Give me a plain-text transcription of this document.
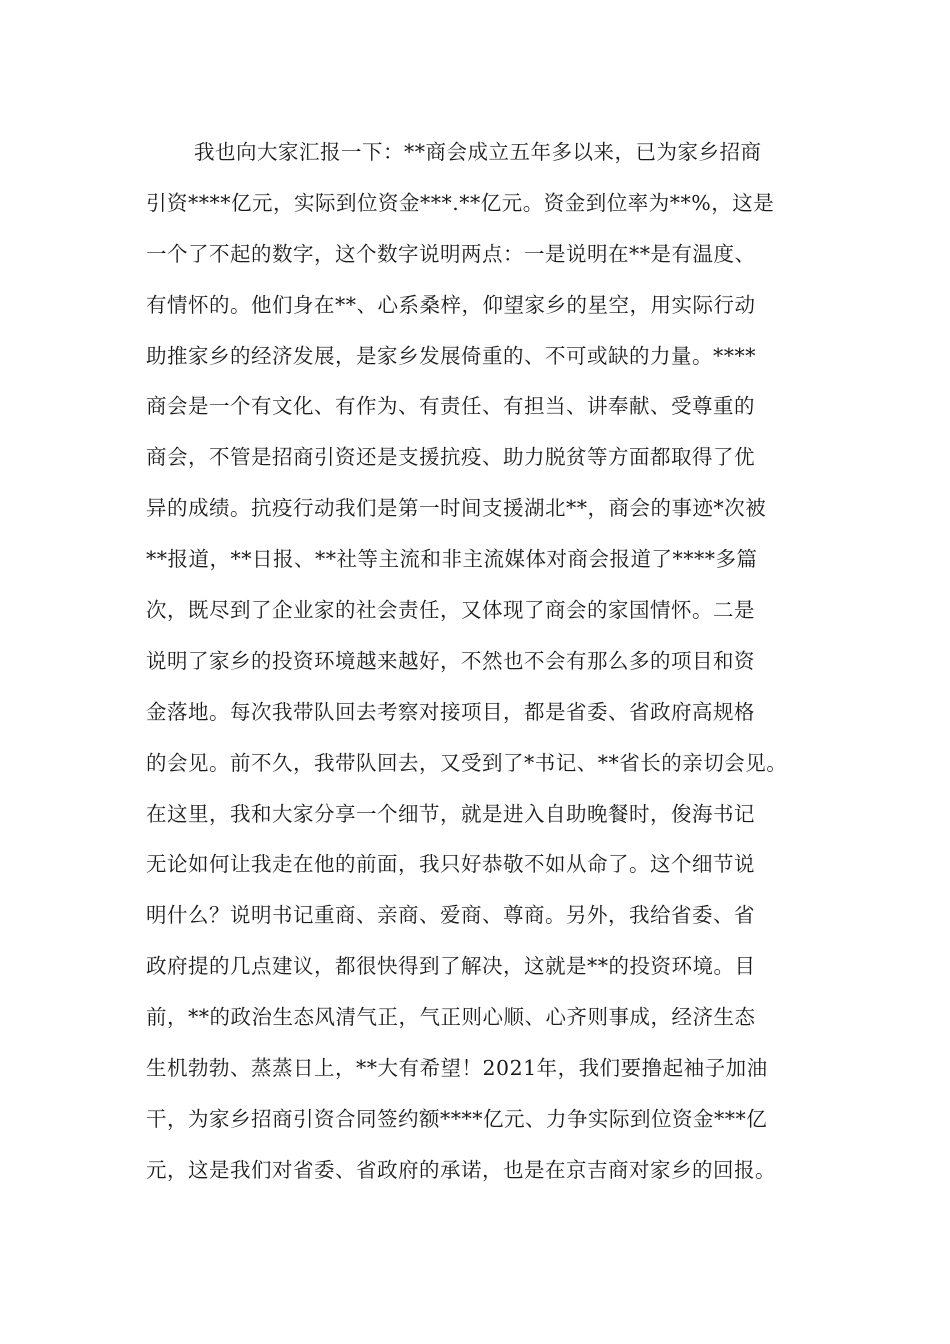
我也向大家汇报一下：**商会成立五年多以来，已为家乡招商
引资****亿元，实际到位资金***.**亿元。资金到位率为**%，这是
一个了不起的数字，这个数字说明两点：一是说明在**是有温度、
有情怀的。他们身在**、心系桑梓，仰望家乡的星空，用实际行动
助推家乡的经济发展，是家乡发展倚重的、不可或缺的力量。****
商会是一个有文化、有作为、有责任、有担当、讲奉献、受尊重的
商会，不管是招商引资还是支援抗疫、助力脱贫等方面都取得了优
异的成绩。抗疫行动我们是第一时间支援湖北**，商会的事迹*次被
**报道，**日报、**社等主流和非主流媒体对商会报道了****多篇
次，既尽到了企业家的社会责任，又体现了商会的家国情怀。二是
说明了家乡的投资环境越来越好，不然也不会有那么多的项目和资
金落地。每次我带队回去考察对接项目，都是省委、省政府高规格
的会见。前不久，我带队回去，又受到了*书记、**省长的亲切会见。
在这里，我和大家分享一个细节，就是进入自助晚餐时，俊海书记
无论如何让我走在他的前面，我只好恭敬不如从命了。这个细节说
明什么？说明书记重商、亲商、爱商、尊商。另外，我给省委、省
政府提的几点建议，都很快得到了解决，这就是**的投资环境。目
前，**的政治生态风清气正，气正则心顺、心齐则事成，经济生态
生机勃勃、蒸蒸日上，**大有希望！2021年，我们要撸起袖子加油
干，为家乡招商引资合同签约额****亿元、力争实际到位资金***亿
元，这是我们对省委、省政府的承诺，也是在京吉商对家乡的回报。
